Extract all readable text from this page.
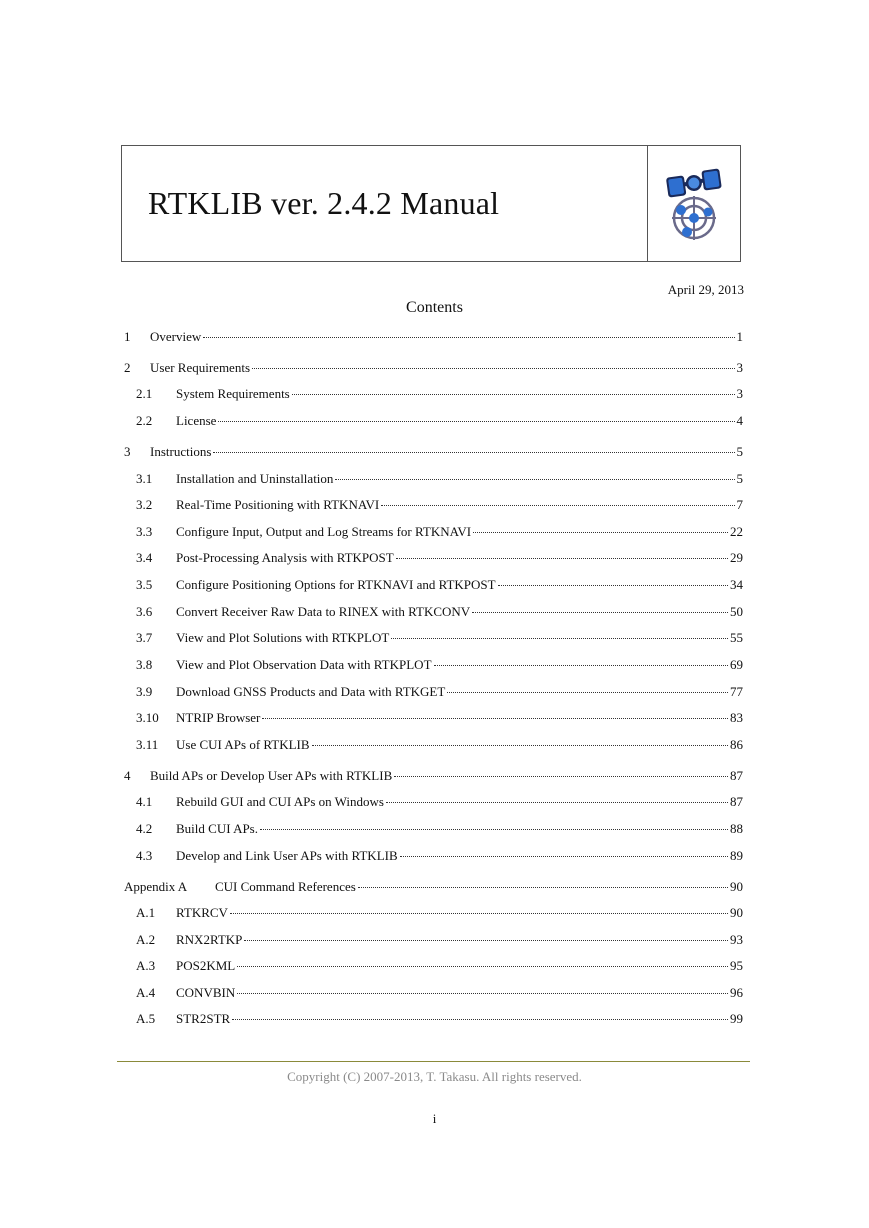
RTKLIB ver. 2.4.2 Manual
April 29, 2013
Contents
1	Overview	1
2	User Requirements	3
2.1	System Requirements	3
2.2	License	4
3	Instructions	5
3.1	Installation and Uninstallation	5
3.2	Real-Time Positioning with RTKNAVI	7
3.3	Configure Input, Output and Log Streams for RTKNAVI	22
3.4	Post-Processing Analysis with RTKPOST	29
3.5	Configure Positioning Options for RTKNAVI and RTKPOST	34
3.6	Convert Receiver Raw Data to RINEX with RTKCONV	50
3.7	View and Plot Solutions with RTKPLOT	55
3.8	View and Plot Observation Data with RTKPLOT	69
3.9	Download GNSS Products and Data with RTKGET	77
3.10	NTRIP Browser	83
3.11	Use CUI APs of RTKLIB	86
4	Build APs or Develop User APs with RTKLIB	87
4.1	Rebuild GUI and CUI APs on Windows	87
4.2	Build CUI APs.	88
4.3	Develop and Link User APs with RTKLIB	89
Appendix A	CUI Command References	90
A.1	RTKRCV	90
A.2	RNX2RTKP	93
A.3	POS2KML	95
A.4	CONVBIN	96
A.5	STR2STR	99
Copyright (C) 2007-2013, T. Takasu. All rights reserved.
i
